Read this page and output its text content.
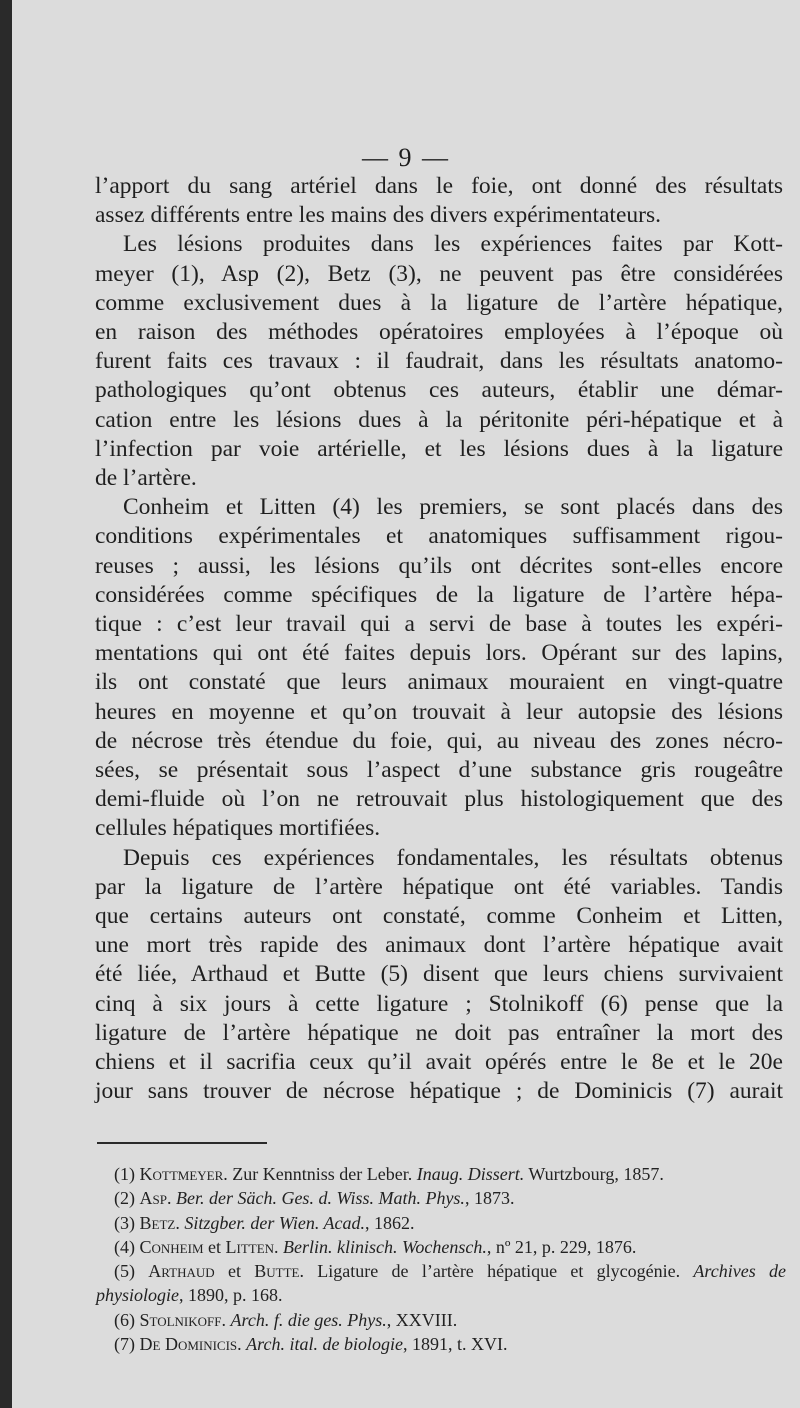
— 9 —

l’apport du sang artériel dans le foie, ont donné des résultats
assez différents entre les mains des divers expérimentateurs.
Les lésions produites dans les expériences faites par Kott-
meyer (1), Asp (2), Betz (3), ne peuvent pas être considérées
comme exclusivement dues à la ligature de l’artère hépatique,
en raison des méthodes opératoires employées à l’époque où
furent faits ces travaux : il faudrait, dans les résultats anatomo-
pathologiques qu’ont obtenus ces auteurs, établir une démar-
cation entre les lésions dues à la péritonite péri-hépatique et à
l’infection par voie artérielle, et les lésions dues à la ligature
de l’artère.
Conheim et Litten (4) les premiers, se sont placés dans des
conditions expérimentales et anatomiques suffisamment rigou-
reuses ; aussi, les lésions qu’ils ont décrites sont-elles encore
considérées comme spécifiques de la ligature de l’artère hépa-
tique : c’est leur travail qui a servi de base à toutes les expéri-
mentations qui ont été faites depuis lors. Opérant sur des lapins,
ils ont constaté que leurs animaux mouraient en vingt-quatre
heures en moyenne et qu’on trouvait à leur autopsie des lésions
de nécrose très étendue du foie, qui, au niveau des zones nécro-
sées, se présentait sous l’aspect d’une substance gris rougeâtre
demi-fluide où l’on ne retrouvait plus histologiquement que des
cellules hépatiques mortifiées.
Depuis ces expériences fondamentales, les résultats obtenus
par la ligature de l’artère hépatique ont été variables. Tandis
que certains auteurs ont constaté, comme Conheim et Litten,
une mort très rapide des animaux dont l’artère hépatique avait
été liée, Arthaud et Butte (5) disent que leurs chiens survivaient
cinq à six jours à cette ligature ; Stolnikoff (6) pense que la
ligature de l’artère hépatique ne doit pas entraîner la mort des
chiens et il sacrifia ceux qu’il avait opérés entre le 8e et le 20e
jour sans trouver de nécrose hépatique ; de Dominicis (7) aurait
(1) Kottmeyer. Zur Kenntniss der Leber. Inaug. Dissert. Wurtzbourg, 1857.
(2) Asp. Ber. der Säch. Ges. d. Wiss. Math. Phys., 1873.
(3) Betz. Sitzgber. der Wien. Acad., 1862.
(4) Conheim et Litten. Berlin. klinisch. Wochensch., nº 21, p. 229, 1876.
(5) Arthaud et Butte. Ligature de l’artère hépatique et glycogénie. Archives de
physiologie, 1890, p. 168.
(6) Stolnikoff. Arch. f. die ges. Phys., XXVIII.
(7) De Dominicis. Arch. ital. de biologie, 1891, t. XVI.
